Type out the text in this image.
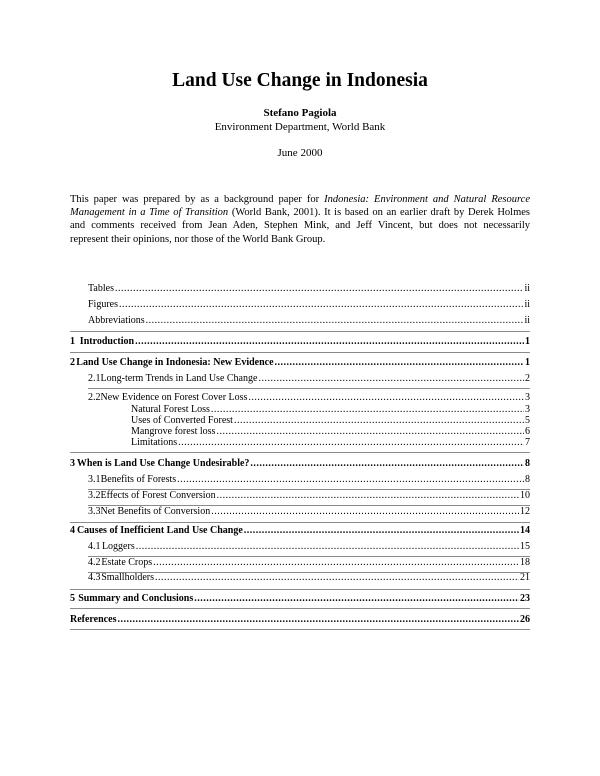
Land Use Change in Indonesia
Stefano Pagiola
Environment Department, World Bank
June 2000
This paper was prepared by as a background paper for Indonesia: Environment and Natural Resource
Management in a Time of Transition (World Bank, 2001). It is based on an earlier draft by Derek Holmes
and comments received from Jean Aden, Stephen Mink, and Jeff Vincent, but does not necessarily
represent their opinions, nor those of the World Bank Group.
Tables .....	ii
Figures .....	ii
Abbreviations .....	ii
1 Introduction .....	1
2 Land Use Change in Indonesia: New Evidence .....	1
2.1 Long-term Trends in Land Use Change .....	2
2.2 New Evidence on Forest Cover Loss .....	3
Natural Forest Loss .....	3
Uses of Converted Forest .....	5
Mangrove forest loss .....	6
Limitations .....	7
3 When is Land Use Change Undesirable? .....	8
3.1 Benefits of Forests .....	8
3.2 Effects of Forest Conversion .....	10
3.3 Net Benefits of Conversion .....	12
4 Causes of Inefficient Land Use Change .....	14
4.1 Loggers .....	15
4.2 Estate Crops .....	18
4.3 Smallholders .....	21
5 Summary and Conclusions .....	23
References .....	26
